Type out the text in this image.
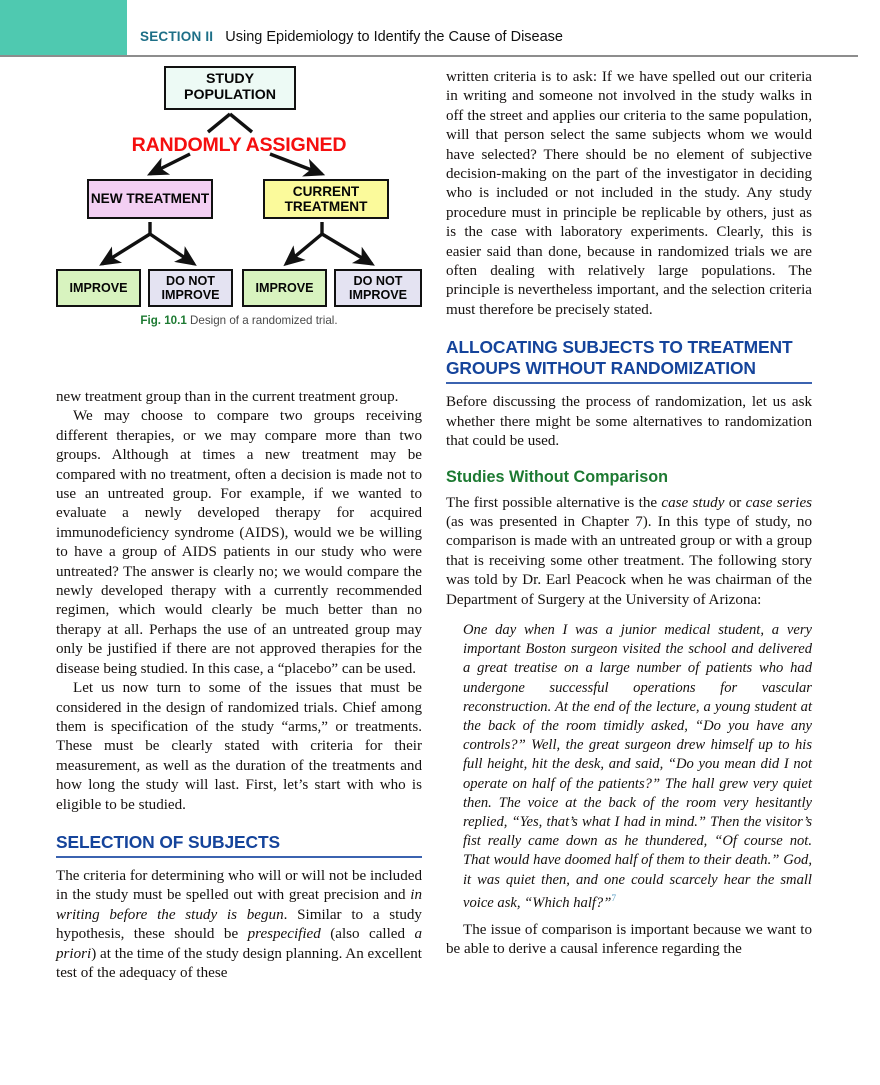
SECTION II Using Epidemiology to Identify the Cause of Disease
STUDY POPULATION
RANDOMLY ASSIGNED
NEW TREATMENT
CURRENT TREATMENT
IMPROVE
DO NOT IMPROVE
IMPROVE
DO NOT IMPROVE
Fig. 10.1 Design of a randomized trial.

new treatment group than in the current treatment group.

We may choose to compare two groups receiving different therapies, or we may compare more than two groups. Although at times a new treatment may be compared with no treatment, often a decision is made not to use an untreated group. For example, if we wanted to evaluate a newly developed therapy for acquired immunodeficiency syndrome (AIDS), would we be willing to have a group of AIDS patients in our study who were untreated? The answer is clearly no; we would compare the newly developed therapy with a currently recommended regimen, which would clearly be much better than no therapy at all. Perhaps the use of an untreated group may only be justified if there are not approved therapies for the disease being studied. In this case, a “placebo” can be used.

Let us now turn to some of the issues that must be considered in the design of randomized trials. Chief among them is specification of the study “arms,” or treatments. These must be clearly stated with criteria for their measurement, as well as the duration of the treatments and how long the study will last. First, let’s start with who is eligible to be studied.

SELECTION OF SUBJECTS

The criteria for determining who will or will not be included in the study must be spelled out with great precision and in writing before the study is begun. Similar to a study hypothesis, these should be prespecified (also called a priori) at the time of the study design planning. An excellent test of the adequacy of these

written criteria is to ask: If we have spelled out our criteria in writing and someone not involved in the study walks in off the street and applies our criteria to the same population, will that person select the same subjects whom we would have selected? There should be no element of subjective decision-making on the part of the investigator in deciding who is included or not included in the study. Any study procedure must in principle be replicable by others, just as is the case with laboratory experiments. Clearly, this is easier said than done, because in randomized trials we are often dealing with relatively large populations. The principle is nevertheless important, and the selection criteria must therefore be precisely stated.

ALLOCATING SUBJECTS TO TREATMENT GROUPS WITHOUT RANDOMIZATION

Before discussing the process of randomization, let us ask whether there might be some alternatives to randomization that could be used.

Studies Without Comparison

The first possible alternative is the case study or case series (as was presented in Chapter 7). In this type of study, no comparison is made with an untreated group or with a group that is receiving some other treatment. The following story was told by Dr. Earl Peacock when he was chairman of the Department of Surgery at the University of Arizona:

One day when I was a junior medical student, a very important Boston surgeon visited the school and delivered a great treatise on a large number of patients who had undergone successful operations for vascular reconstruction. At the end of the lecture, a young student at the back of the room timidly asked, “Do you have any controls?” Well, the great surgeon drew himself up to his full height, hit the desk, and said, “Do you mean did I not operate on half of the patients?” The hall grew very quiet then. The voice at the back of the room very hesitantly replied, “Yes, that’s what I had in mind.” Then the visitor’s fist really came down as he thundered, “Of course not. That would have doomed half of them to their death.” God, it was quiet then, and one could scarcely hear the small voice ask, “Which half?”$^7$

The issue of comparison is important because we want to be able to derive a causal inference regarding the
